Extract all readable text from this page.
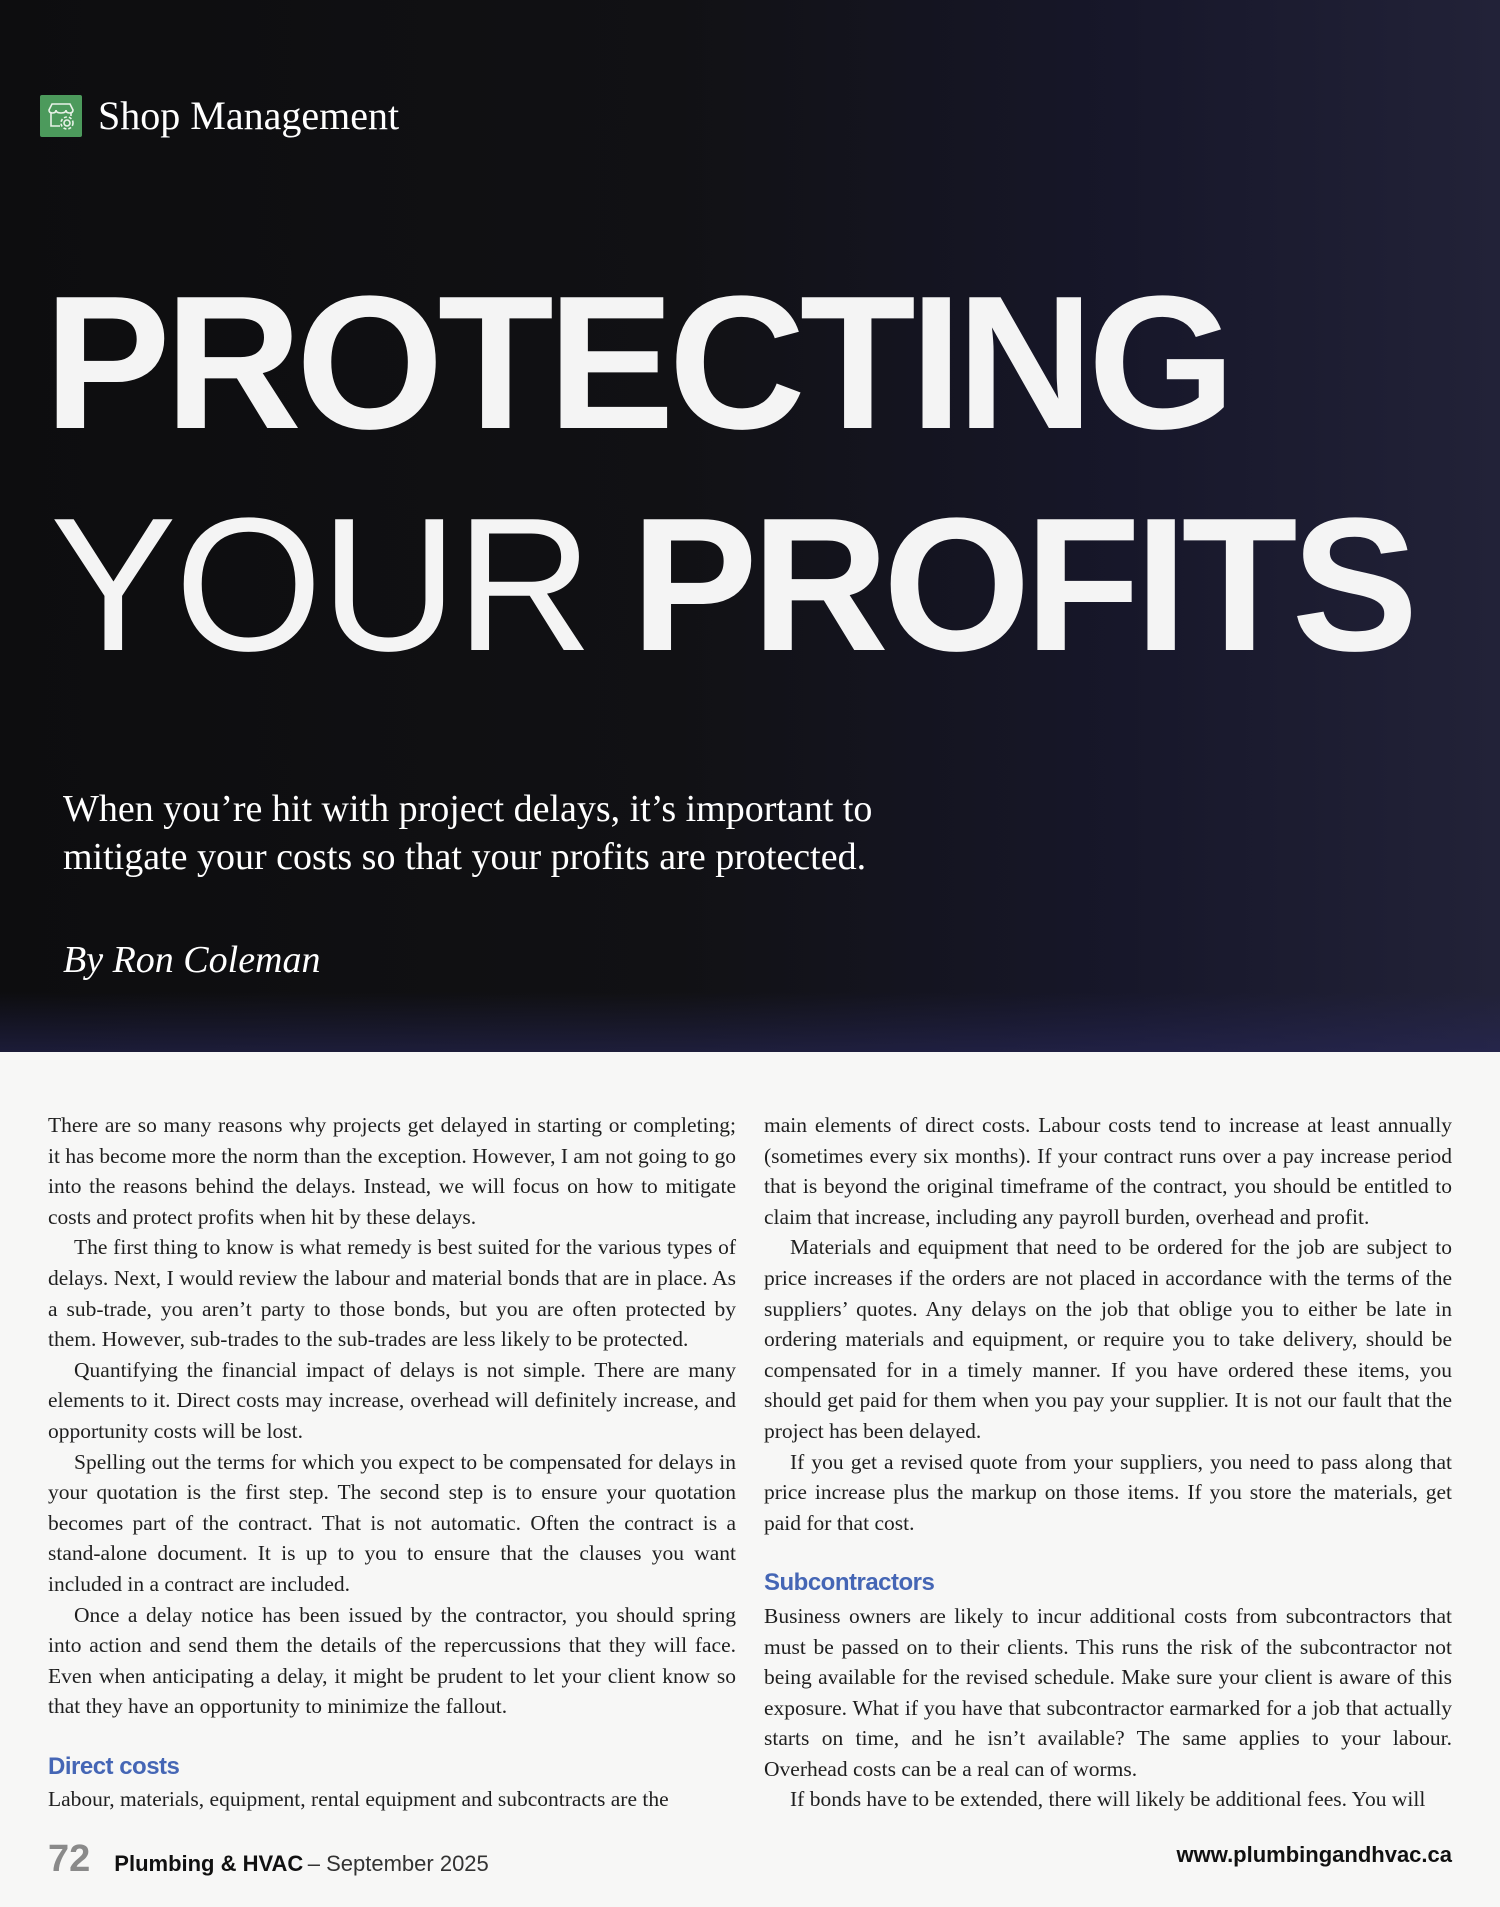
Shop Management
PROTECTING
YOUR PROFITS
When you’re hit with project delays, it’s important to mitigate your costs so that your profits are protected.
By Ron Coleman

There are so many reasons why projects get delayed in starting or completing; it has become more the norm than the exception. However, I am not going to go into the reasons behind the delays. Instead, we will focus on how to mitigate costs and protect profits when hit by these delays.

The first thing to know is what remedy is best suited for the various types of delays. Next, I would review the labour and material bonds that are in place. As a sub-trade, you aren’t party to those bonds, but you are often protected by them. However, sub-trades to the sub-trades are less likely to be protected.

Quantifying the financial impact of delays is not simple. There are many elements to it. Direct costs may increase, overhead will definitely increase, and opportunity costs will be lost.

Spelling out the terms for which you expect to be compensated for delays in your quotation is the first step. The second step is to ensure your quotation becomes part of the contract. That is not automatic. Often the contract is a stand-alone document. It is up to you to ensure that the clauses you want included in a contract are included.

Once a delay notice has been issued by the contractor, you should spring into action and send them the details of the repercussions that they will face. Even when anticipating a delay, it might be prudent to let your client know so that they have an opportunity to minimize the fallout.

Direct costs

Labour, materials, equipment, rental equipment and subcontracts are the

main elements of direct costs. Labour costs tend to increase at least annually (sometimes every six months). If your contract runs over a pay increase period that is beyond the original timeframe of the contract, you should be entitled to claim that increase, including any payroll burden, overhead and profit.

Materials and equipment that need to be ordered for the job are subject to price increases if the orders are not placed in accordance with the terms of the suppliers’ quotes. Any delays on the job that oblige you to either be late in ordering materials and equipment, or require you to take delivery, should be compensated for in a timely manner. If you have ordered these items, you should get paid for them when you pay your supplier. It is not our fault that the project has been delayed.

If you get a revised quote from your suppliers, you need to pass along that price increase plus the markup on those items. If you store the materials, get paid for that cost.

Subcontractors

Business owners are likely to incur additional costs from subcontractors that must be passed on to their clients. This runs the risk of the subcontractor not being available for the revised schedule. Make sure your client is aware of this exposure. What if you have that subcontractor earmarked for a job that actually starts on time, and he isn’t available? The same applies to your labour. Overhead costs can be a real can of worms.

If bonds have to be extended, there will likely be additional fees. You will

72 Plumbing & HVAC – September 2025	www.plumbingandhvac.ca
